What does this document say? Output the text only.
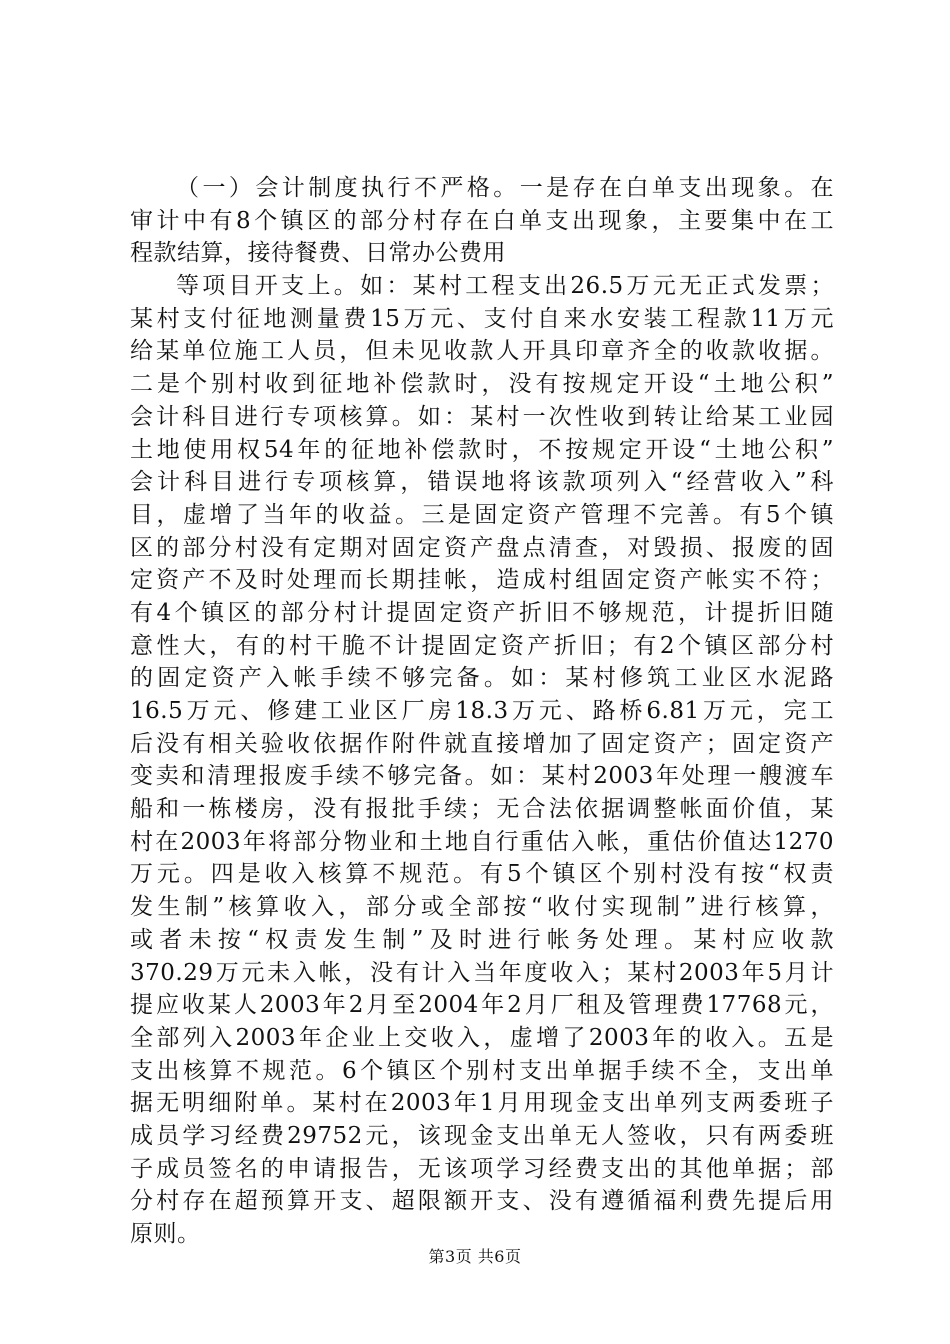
（一）会计制度执行不严格。一是存在白单支出现象。在
审计中有8个镇区的部分村存在白单支出现象，主要集中在工
程款结算，接待餐费、日常办公费用
等项目开支上。如：某村工程支出26.5万元无正式发票；
某村支付征地测量费15万元、支付自来水安装工程款11万元
给某单位施工人员，但未见收款人开具印章齐全的收款收据。
二是个别村收到征地补偿款时，没有按规定开设“土地公积”
会计科目进行专项核算。如：某村一次性收到转让给某工业园
土地使用权54年的征地补偿款时，不按规定开设“土地公积”
会计科目进行专项核算，错误地将该款项列入“经营收入”科
目，虚增了当年的收益。三是固定资产管理不完善。有5个镇
区的部分村没有定期对固定资产盘点清查，对毁损、报废的固
定资产不及时处理而长期挂帐，造成村组固定资产帐实不符；
有4个镇区的部分村计提固定资产折旧不够规范，计提折旧随
意性大，有的村干脆不计提固定资产折旧；有2个镇区部分村
的固定资产入帐手续不够完备。如：某村修筑工业区水泥路
16.5万元、修建工业区厂房18.3万元、路桥6.81万元，完工
后没有相关验收依据作附件就直接增加了固定资产；固定资产
变卖和清理报废手续不够完备。如：某村2003年处理一艘渡车
船和一栋楼房，没有报批手续；无合法依据调整帐面价值，某
村在2003年将部分物业和土地自行重估入帐，重估价值达1270
万元。四是收入核算不规范。有5个镇区个别村没有按“权责
发生制”核算收入，部分或全部按“收付实现制”进行核算，
或者未按“权责发生制”及时进行帐务处理。某村应收款
370.29万元未入帐，没有计入当年度收入；某村2003年5月计
提应收某人2003年2月至2004年2月厂租及管理费17768元，
全部列入2003年企业上交收入，虚增了2003年的收入。五是
支出核算不规范。6个镇区个别村支出单据手续不全，支出单
据无明细附单。某村在2003年1月用现金支出单列支两委班子
成员学习经费29752元，该现金支出单无人签收，只有两委班
子成员签名的申请报告，无该项学习经费支出的其他单据；部
分村存在超预算开支、超限额开支、没有遵循福利费先提后用
原则。
第3页 共6页
